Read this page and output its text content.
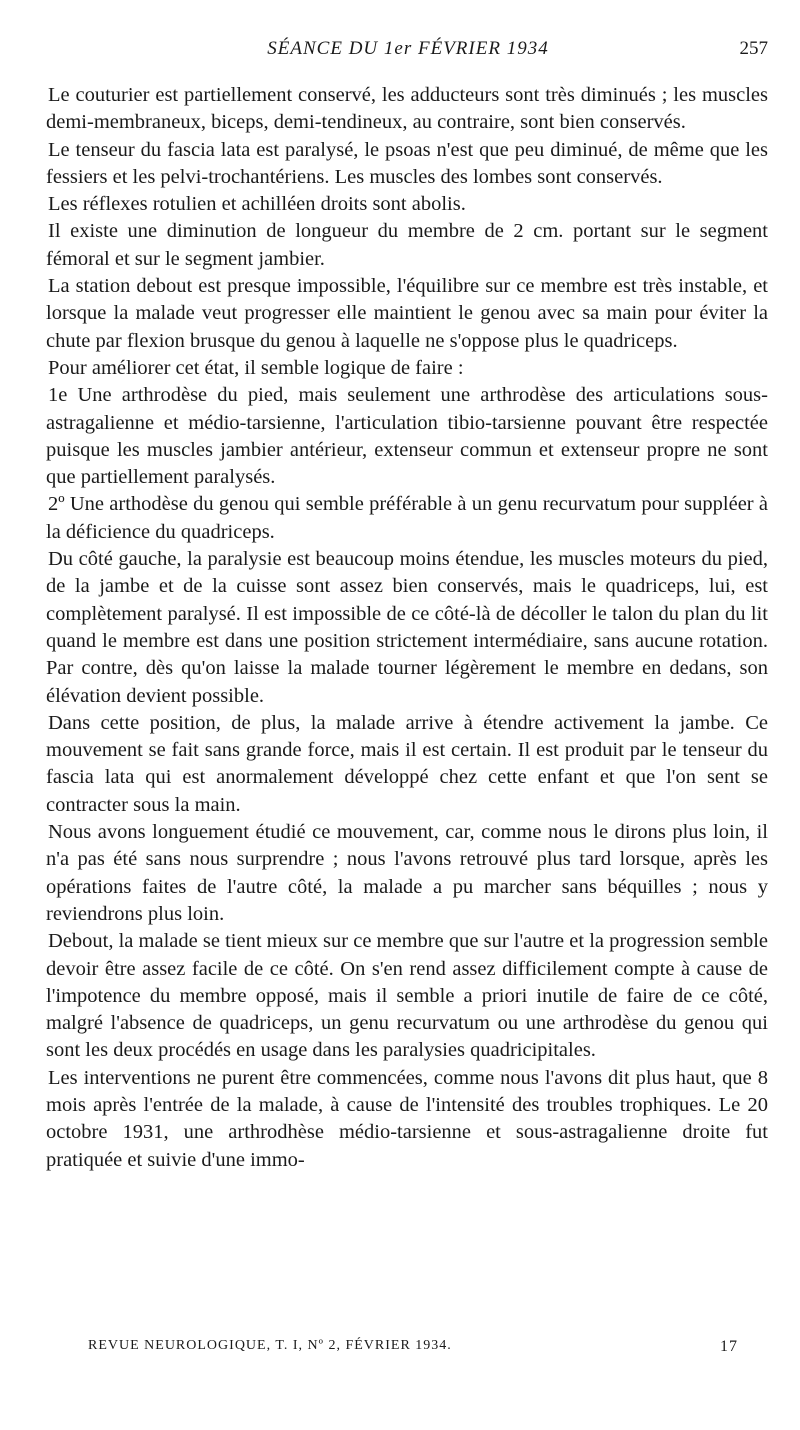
SÉANCE DU 1er FÉVRIER 1934	257

Le couturier est partiellement conservé, les adducteurs sont très diminués ; les muscles demi-membraneux, biceps, demi-tendineux, au contraire, sont bien conservés.

Le tenseur du fascia lata est paralysé, le psoas n'est que peu diminué, de même que les fessiers et les pelvi-trochantériens. Les muscles des lombes sont conservés.

Les réflexes rotulien et achilléen droits sont abolis.

Il existe une diminution de longueur du membre de 2 cm. portant sur le segment fémoral et sur le segment jambier.

La station debout est presque impossible, l'équilibre sur ce membre est très instable, et lorsque la malade veut progresser elle maintient le genou avec sa main pour éviter la chute par flexion brusque du genou à laquelle ne s'oppose plus le quadriceps.

Pour améliorer cet état, il semble logique de faire :

1e Une arthrodèse du pied, mais seulement une arthrodèse des articulations sous-astragalienne et médio-tarsienne, l'articulation tibio-tarsienne pouvant être respectée puisque les muscles jambier antérieur, extenseur commun et extenseur propre ne sont que partiellement paralysés.

2º Une arthodèse du genou qui semble préférable à un genu recurvatum pour suppléer à la déficience du quadriceps.

Du côté gauche, la paralysie est beaucoup moins étendue, les muscles moteurs du pied, de la jambe et de la cuisse sont assez bien conservés, mais le quadriceps, lui, est complètement paralysé. Il est impossible de ce côté-là de décoller le talon du plan du lit quand le membre est dans une position strictement intermédiaire, sans aucune rotation. Par contre, dès qu'on laisse la malade tourner légèrement le membre en dedans, son élévation devient possible.

Dans cette position, de plus, la malade arrive à étendre activement la jambe. Ce mouvement se fait sans grande force, mais il est certain. Il est produit par le tenseur du fascia lata qui est anormalement développé chez cette enfant et que l'on sent se contracter sous la main.

Nous avons longuement étudié ce mouvement, car, comme nous le dirons plus loin, il n'a pas été sans nous surprendre ; nous l'avons retrouvé plus tard lorsque, après les opérations faites de l'autre côté, la malade a pu marcher sans béquilles ; nous y reviendrons plus loin.

Debout, la malade se tient mieux sur ce membre que sur l'autre et la progression semble devoir être assez facile de ce côté. On s'en rend assez difficilement compte à cause de l'impotence du membre opposé, mais il semble a priori inutile de faire de ce côté, malgré l'absence de quadriceps, un genu recurvatum ou une arthrodèse du genou qui sont les deux procédés en usage dans les paralysies quadricipitales.

Les interventions ne purent être commencées, comme nous l'avons dit plus haut, que 8 mois après l'entrée de la malade, à cause de l'intensité des troubles trophiques. Le 20 octobre 1931, une arthrodhèse médio-tarsienne et sous-astragalienne droite fut pratiquée et suivie d'une immo-

REVUE NEUROLOGIQUE, T. I, Nº 2, FÉVRIER 1934.	17
